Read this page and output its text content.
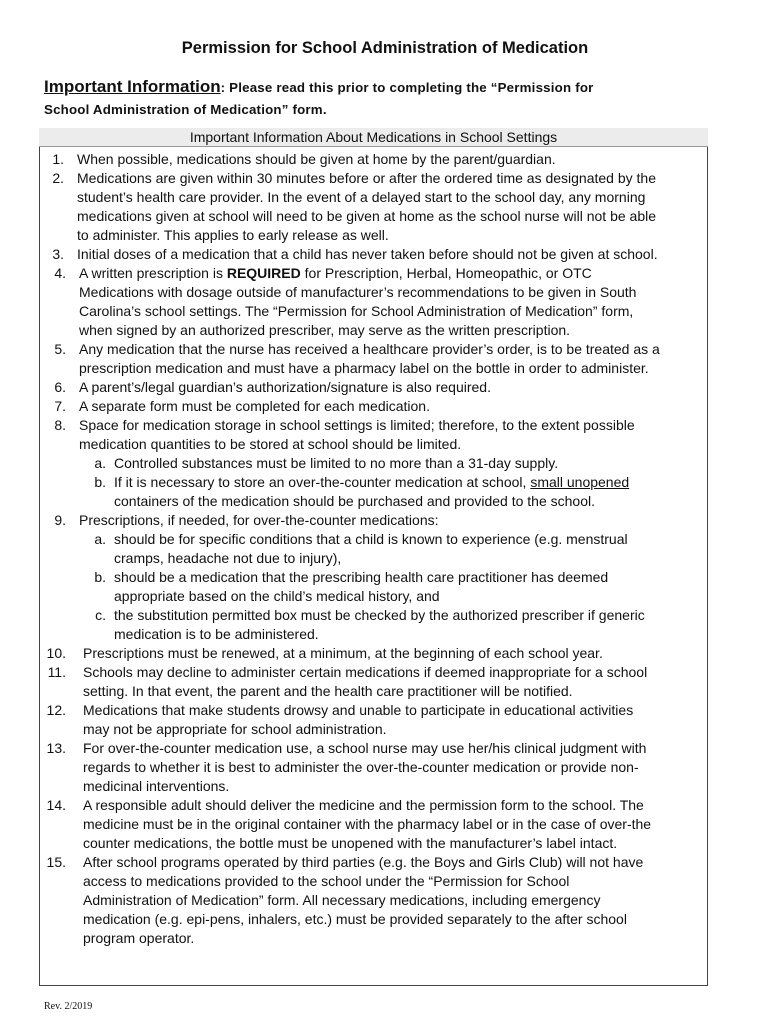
Permission for School Administration of Medication
Important Information: Please read this prior to completing the “Permission for
School Administration of Medication” form.
Important Information About Medications in School Settings
1. When possible, medications should be given at home by the parent/guardian.
2. Medications are given within 30 minutes before or after the ordered time as designated by the
student’s health care provider. In the event of a delayed start to the school day, any morning
medications given at school will need to be given at home as the school nurse will not be able
to administer. This applies to early release as well.
3. Initial doses of a medication that a child has never taken before should not be given at school.
4. A written prescription is REQUIRED for Prescription, Herbal, Homeopathic, or OTC
Medications with dosage outside of manufacturer’s recommendations to be given in South
Carolina’s school settings. The “Permission for School Administration of Medication” form,
when signed by an authorized prescriber, may serve as the written prescription.
5. Any medication that the nurse has received a healthcare provider’s order, is to be treated as a
prescription medication and must have a pharmacy label on the bottle in order to administer.
6. A parent’s/legal guardian’s authorization/signature is also required.
7. A separate form must be completed for each medication.
8. Space for medication storage in school settings is limited; therefore, to the extent possible
medication quantities to be stored at school should be limited.
a. Controlled substances must be limited to no more than a 31-day supply.
b. If it is necessary to store an over-the-counter medication at school, small unopened
containers of the medication should be purchased and provided to the school.
9. Prescriptions, if needed, for over-the-counter medications:
a. should be for specific conditions that a child is known to experience (e.g. menstrual
cramps, headache not due to injury),
b. should be a medication that the prescribing health care practitioner has deemed
appropriate based on the child’s medical history, and
c. the substitution permitted box must be checked by the authorized prescriber if generic
medication is to be administered.
10. Prescriptions must be renewed, at a minimum, at the beginning of each school year.
11. Schools may decline to administer certain medications if deemed inappropriate for a school
setting. In that event, the parent and the health care practitioner will be notified.
12. Medications that make students drowsy and unable to participate in educational activities
may not be appropriate for school administration.
13. For over-the-counter medication use, a school nurse may use her/his clinical judgment with
regards to whether it is best to administer the over-the-counter medication or provide non-
medicinal interventions.
14. A responsible adult should deliver the medicine and the permission form to the school. The
medicine must be in the original container with the pharmacy label or in the case of over-the
counter medications, the bottle must be unopened with the manufacturer’s label intact.
15. After school programs operated by third parties (e.g. the Boys and Girls Club) will not have
access to medications provided to the school under the “Permission for School
Administration of Medication” form. All necessary medications, including emergency
medication (e.g. epi-pens, inhalers, etc.) must be provided separately to the after school
program operator.
Rev. 2/2019
